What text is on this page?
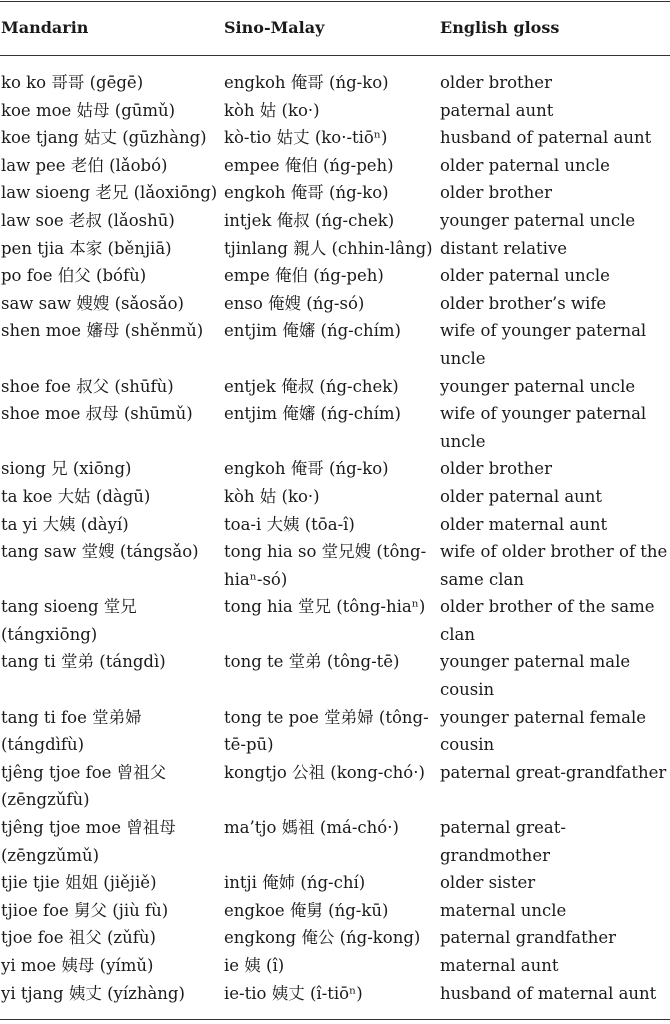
Mandarin	Sino-Malay	English gloss
ko ko 哥哥 (gēgē)	engkoh 俺哥 (ńg-ko)	older brother
koe moe 姑母 (gūmǔ)	kòh 姑 (ko·)	paternal aunt
koe tjang 姑丈 (gūzhàng)	kò-tio 姑丈 (ko·-tiōⁿ)	husband of paternal aunt
law pee 老伯 (lǎobó)	empee 俺伯 (ńg-peh)	older paternal uncle
law sioeng 老兄 (lǎoxiōng)	engkoh 俺哥 (ńg-ko)	older brother
law soe 老叔 (lǎoshū)	intjek 俺叔 (ńg-chek)	younger paternal uncle
pen tjia 本家 (běnjiā)	tjinlang 親人 (chhin-lâng)	distant relative
po foe 伯父 (bófù)	empe 俺伯 (ńg-peh)	older paternal uncle
saw saw 嫂嫂 (sǎosǎo)	enso 俺嫂 (ńg-só)	older brother’s wife
shen moe 嬸母 (shěnmǔ)	entjim 俺嬸 (ńg-chím)	wife of younger paternal uncle
shoe foe 叔父 (shūfù)	entjek 俺叔 (ńg-chek)	younger paternal uncle
shoe moe 叔母 (shūmǔ)	entjim 俺嬸 (ńg-chím)	wife of younger paternal uncle
siong 兄 (xiōng)	engkoh 俺哥 (ńg-ko)	older brother
ta koe 大姑 (dàgū)	kòh 姑 (ko·)	older paternal aunt
ta yi 大姨 (dàyí)	toa-i 大姨 (tōa-î)	older maternal aunt
tang saw 堂嫂 (tángsǎo)	tong hia so 堂兄嫂 (tông-hiaⁿ-só)	wife of older brother of the same clan
tang sioeng 堂兄 (tángxiōng)	tong hia 堂兄 (tông-hiaⁿ)	older brother of the same clan
tang ti 堂弟 (tángdì)	tong te 堂弟 (tông-tē)	younger paternal male cousin
tang ti foe 堂弟婦 (tángdìfù)	tong te poe 堂弟婦 (tông-tē-pū)	younger paternal female cousin
tjêng tjoe foe 曾祖父 (zēngzǔfù)	kongtjo 公祖 (kong-chó·)	paternal great-grandfather
tjêng tjoe moe 曾祖母 (zēngzǔmǔ)	ma’tjo 媽祖 (má-chó·)	paternal great-grandmother
tjie tjie 姐姐 (jiějiě)	intji 俺姉 (ńg-chí)	older sister
tjioe foe 舅父 (jiù fù)	engkoe 俺舅 (ńg-kū)	maternal uncle
tjoe foe 祖父 (zǔfù)	engkong 俺公 (ńg-kong)	paternal grandfather
yi moe 姨母 (yímǔ)	ie 姨 (î)	maternal aunt
yi tjang 姨丈 (yízhàng)	ie-tio 姨丈 (î-tiōⁿ)	husband of maternal aunt
